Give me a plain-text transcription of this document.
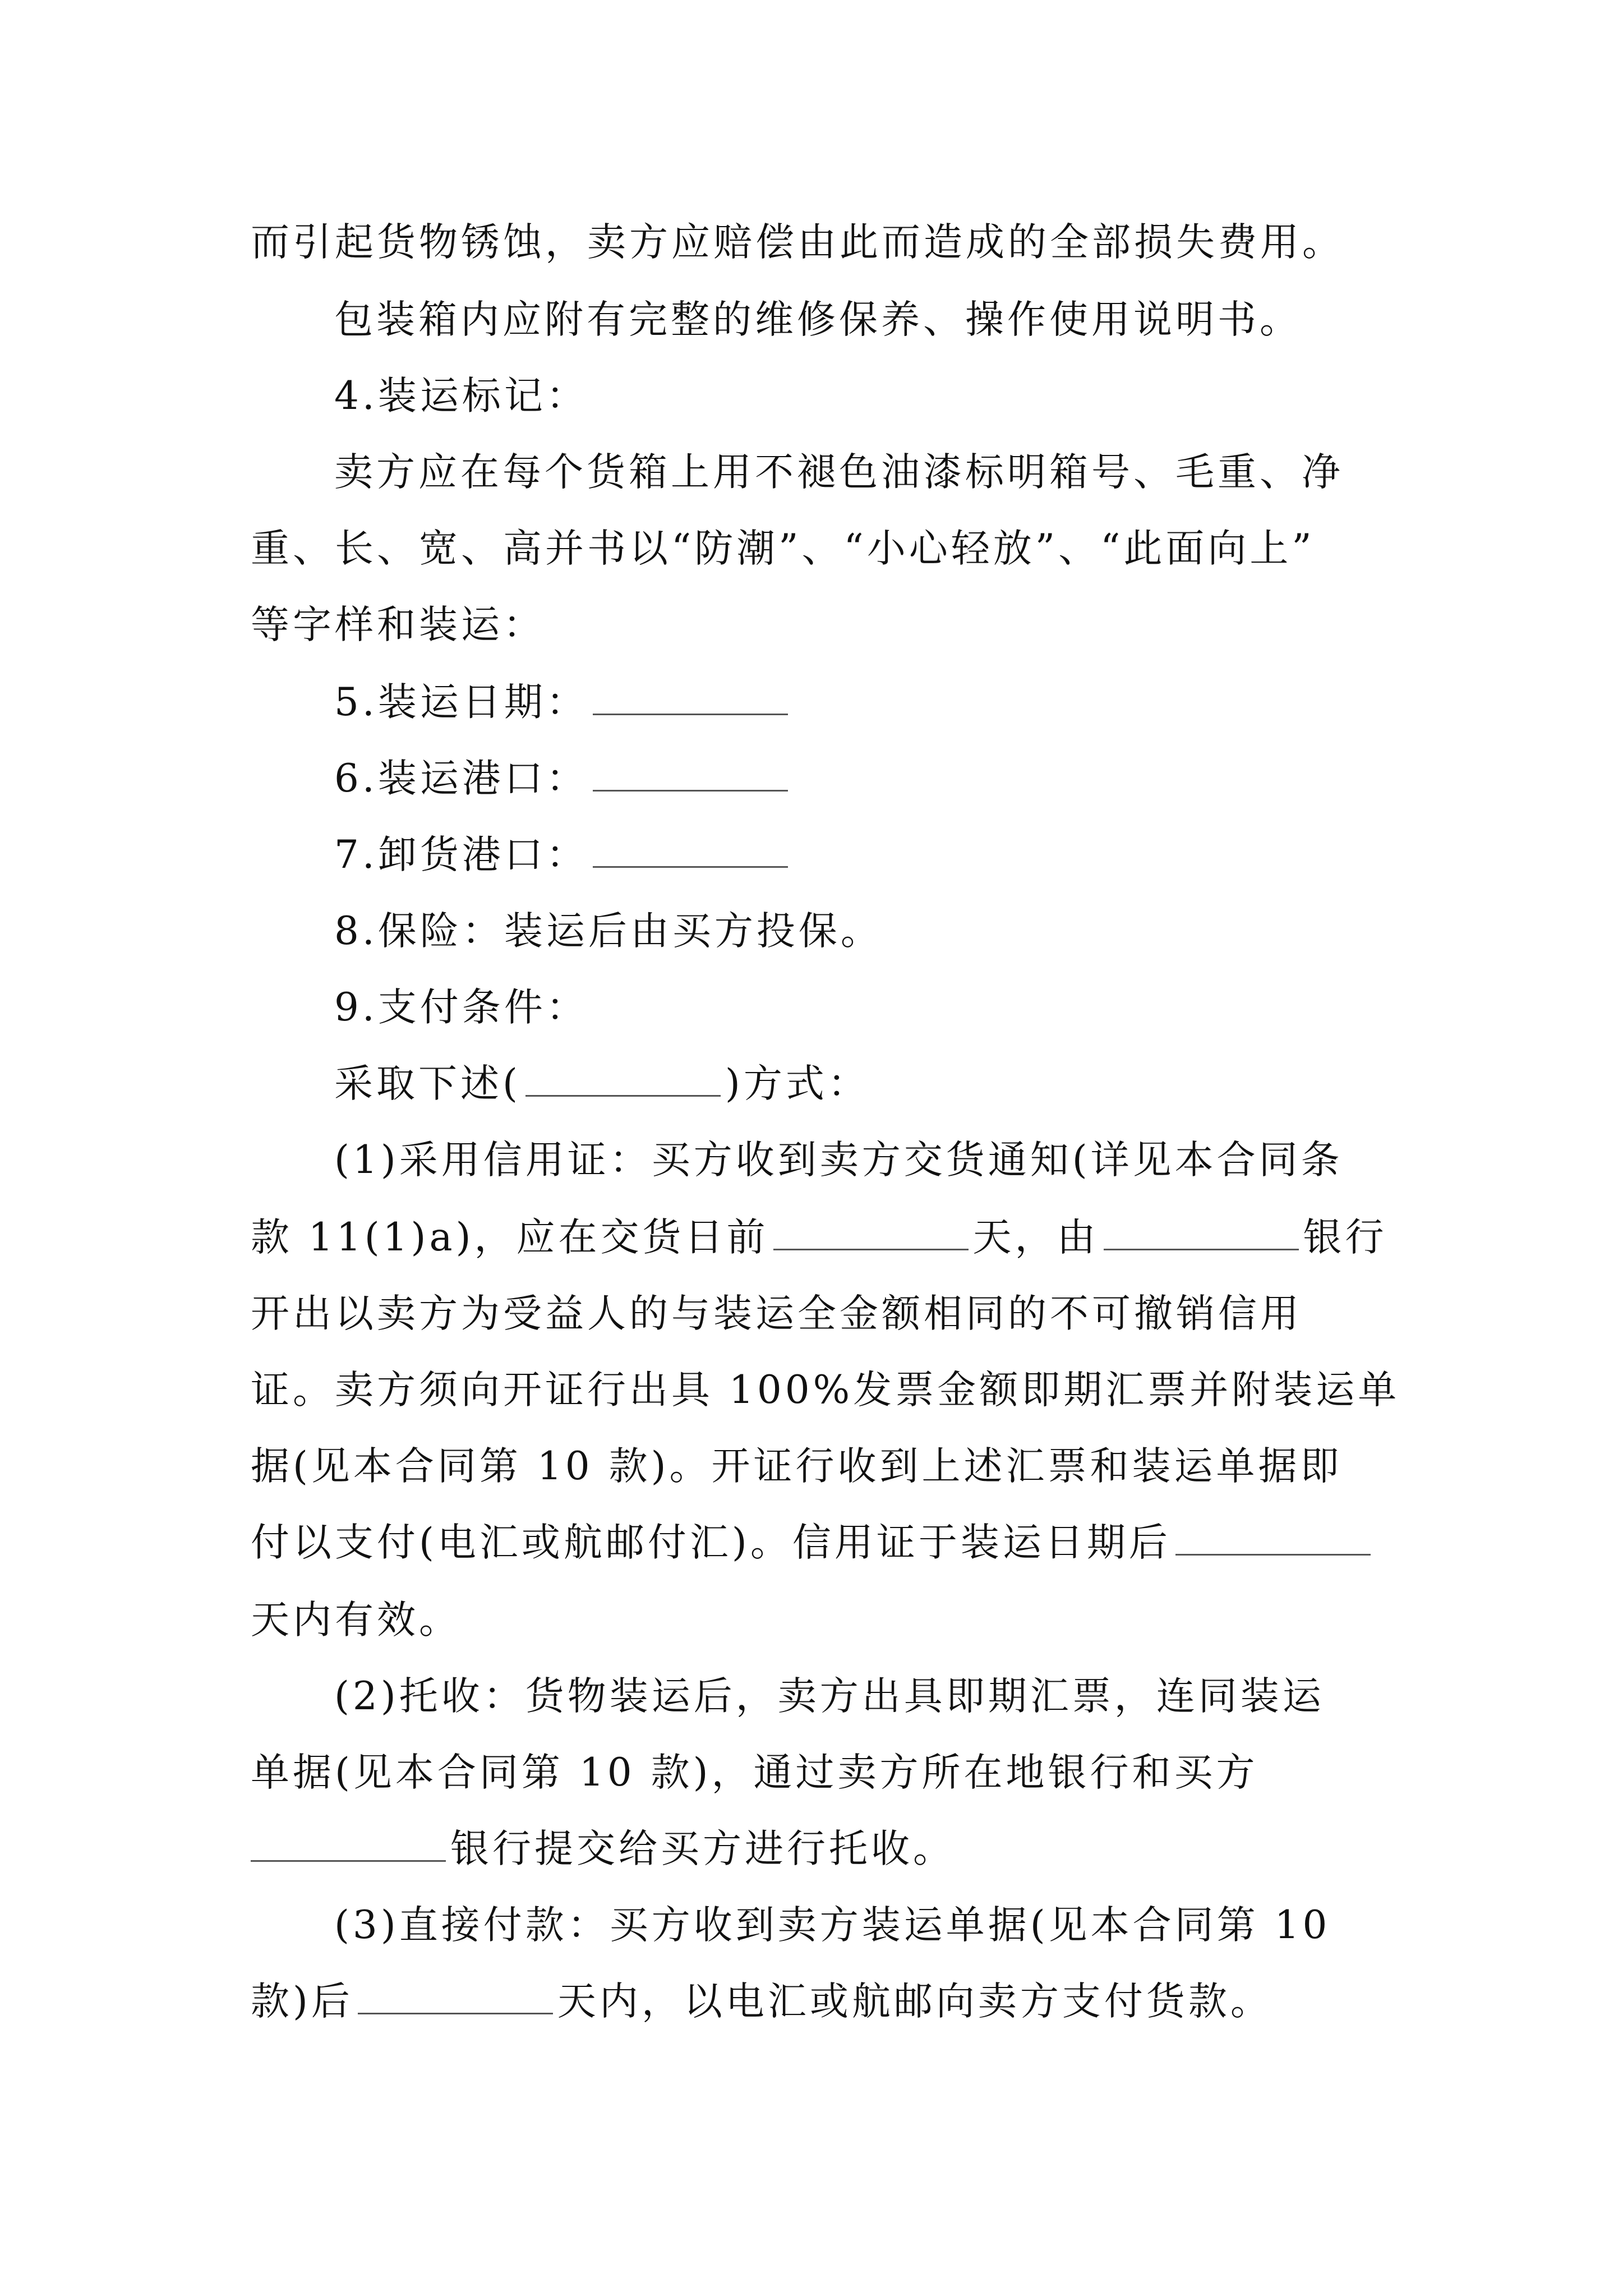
而引起货物锈蚀，卖方应赔偿由此而造成的全部损失费用。
包装箱内应附有完整的维修保养、操作使用说明书。
4.装运标记：
卖方应在每个货箱上用不褪色油漆标明箱号、毛重、净
重、长、宽、高并书以“防潮”、“小心轻放”、“此面向上”
等字样和装运：
5.装运日期：
6.装运港口：
7.卸货港口：
8.保险：装运后由买方投保。
9.支付条件：
采取下述(	)方式：
(1)采用信用证：买方收到卖方交货通知(详见本合同条
款 11(1)a)，应在交货日前	天，由	银行
开出以卖方为受益人的与装运全金额相同的不可撤销信用
证。卖方须向开证行出具 100%发票金额即期汇票并附装运单
据(见本合同第 10 款)。开证行收到上述汇票和装运单据即
付以支付(电汇或航邮付汇)。信用证于装运日期后
天内有效。
(2)托收：货物装运后，卖方出具即期汇票，连同装运
单据(见本合同第 10 款)，通过卖方所在地银行和买方
银行提交给买方进行托收。
(3)直接付款：买方收到卖方装运单据(见本合同第 10
款)后	天内，以电汇或航邮向卖方支付货款。
